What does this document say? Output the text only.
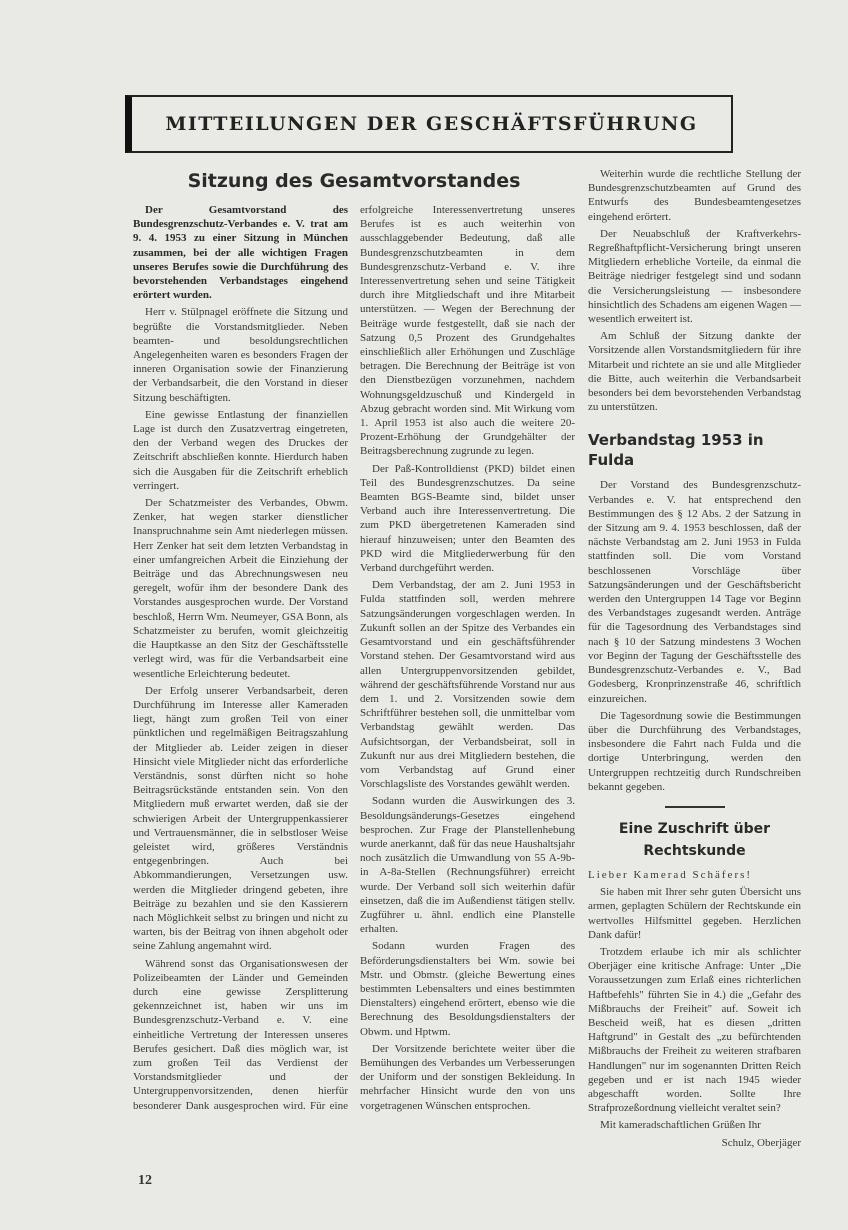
MITTEILUNGEN DER GESCHÄFTSFÜHRUNG
Sitzung des Gesamtvorstandes

Der Gesamtvorstand des Bundesgrenzschutz-Verbandes e. V. trat am 9. 4. 1953 zu einer Sitzung in München zusammen, bei der alle wichtigen Fragen unseres Berufes sowie die Durchführung des bevorstehenden Verbandstages eingehend erörtert wurden.

Herr v. Stülpnagel eröffnete die Sitzung und begrüßte die Vorstandsmitglieder. Neben beamten- und besoldungsrechtlichen Angelegenheiten waren es besonders Fragen der inneren Organisation sowie der Finanzierung der Verbandsarbeit, die den Vorstand in dieser Sitzung beschäftigten.

Eine gewisse Entlastung der finanziellen Lage ist durch den Zusatzvertrag eingetreten, den der Verband wegen des Druckes der Zeitschrift abschließen konnte. Hierdurch haben sich die Ausgaben für die Zeitschrift erheblich verringert.

Der Schatzmeister des Verbandes, Obwm. Zenker, hat wegen starker dienstlicher Inanspruchnahme sein Amt niederlegen müssen. Herr Zenker hat seit dem letzten Verbandstag in einer umfangreichen Arbeit die Einziehung der Beiträge und das Abrechnungswesen neu geregelt, wofür ihm der besondere Dank des Vorstandes ausgesprochen wurde. Der Vorstand beschloß, Herrn Wm. Neumeyer, GSA Bonn, als Schatzmeister zu berufen, womit gleichzeitig die Hauptkasse an den Sitz der Geschäftsstelle verlegt wird, was für die Verbandsarbeit eine wesentliche Erleichterung bedeutet.

Der Erfolg unserer Verbandsarbeit, deren Durchführung im Interesse aller Kameraden liegt, hängt zum großen Teil von einer pünktlichen und regelmäßigen Beitragszahlung der Mitglieder ab. Leider zeigen in dieser Hinsicht viele Mitglieder nicht das erforderliche Verständnis, sonst dürften nicht so hohe Beitragsrückstände entstanden sein. Von den Mitgliedern muß erwartet werden, daß sie der schwierigen Arbeit der Untergruppenkassierer und Vertrauensmänner, die in selbstloser Weise geleistet wird, größeres Verständnis entgegenbringen. Auch bei Abkommandierungen, Versetzungen usw. werden die Mitglieder dringend gebeten, ihre Beiträge zu bezahlen und sie den Kassierern nach Möglichkeit selbst zu bringen und nicht zu warten, bis der Beitrag von ihnen abgeholt oder seine Zahlung angemahnt wird.

Während sonst das Organisationswesen der Polizeibeamten der Länder und Gemeinden durch eine gewisse Zersplitterung gekennzeichnet ist, haben wir uns im Bundesgrenzschutz-Verband e. V. eine einheitliche Vertretung der Interessen unseres Berufes gesichert. Daß dies möglich war, ist zum großen Teil das Verdienst der Vorstandsmitglieder und der Untergruppenvorsitzenden, denen hierfür besonderer Dank ausgesprochen wird. Für eine erfolgreiche Interessenvertretung unseres Berufes ist es auch weiterhin von ausschlaggebender Bedeutung, daß alle Bundesgrenzschutzbeamten in dem Bundesgrenzschutz-Verband e. V. ihre Interessenvertretung sehen und seine Tätigkeit durch ihre Mitgliedschaft und ihre Mitarbeit unterstützen. — Wegen der Berechnung der Beiträge wurde festgestellt, daß sie nach der Satzung 0,5 Prozent des Grundgehaltes einschließlich aller Erhöhungen und Zuschläge betragen. Die Berechnung der Beiträge ist von den Dienstbezügen vorzunehmen, nachdem Wohnungsgeldzuschuß und Kindergeld in Abzug gebracht worden sind. Mit Wirkung vom 1. April 1953 ist also auch die weitere 20-Prozent-Erhöhung der Grundgehälter der Beitragsberechnung zugrunde zu legen.

Der Paß-Kontrolldienst (PKD) bildet einen Teil des Bundesgrenzschutzes. Da seine Beamten BGS-Beamte sind, bildet unser Verband auch ihre Interessenvertretung. Die zum PKD übergetretenen Kameraden sind hierauf hinzuweisen; unter den Beamten des PKD wird die Mitgliederwerbung für den Verband durchgeführt werden.

Dem Verbandstag, der am 2. Juni 1953 in Fulda stattfinden soll, werden mehrere Satzungsänderungen vorgeschlagen werden. In Zukunft sollen an der Spitze des Verbandes ein Gesamtvorstand und ein geschäftsführender Vorstand stehen. Der Gesamtvorstand wird aus allen Untergruppenvorsitzenden gebildet, während der geschäftsführende Vorstand nur aus dem 1. und 2. Vorsitzenden sowie dem Schriftführer bestehen soll, die unmittelbar vom Verbandstag gewählt werden. Das Aufsichtsorgan, der Verbandsbeirat, soll in Zukunft nur aus drei Mitgliedern bestehen, die vom Verbandstag auf Grund einer Vorschlagsliste des Vorstandes gewählt werden.

Sodann wurden die Auswirkungen des 3. Besoldungsänderungs-Gesetzes eingehend besprochen. Zur Frage der Planstellenhebung wurde anerkannt, daß für das neue Haushaltsjahr noch zusätzlich die Umwandlung von 55 A-9b- in A-8a-Stellen (Rechnungsführer) erreicht wurde. Der Verband soll sich weiterhin dafür einsetzen, daß die im Außendienst tätigen stellv. Zugführer u. ähnl. endlich eine Planstelle erhalten.

Sodann wurden Fragen des Beförderungsdienstalters bei Wm. sowie bei Mstr. und Obmstr. (gleiche Bewertung eines bestimmten Lebensalters und eines bestimmten Dienstalters) eingehend erörtert, ebenso wie die Berechnung des Besoldungsdienstalters der Obwm. und Hptwm.

Der Vorsitzende berichtete weiter über die Bemühungen des Verbandes um Verbesserungen der Uniform und der sonstigen Bekleidung. In mehrfacher Hinsicht wurde den von uns vorgetragenen Wünschen entsprochen.

Weiterhin wurde die rechtliche Stellung der Bundesgrenzschutzbeamten auf Grund des Entwurfs des Bundesbeamtengesetzes eingehend erörtert.

Der Neuabschluß der Kraftverkehrs-Regreßhaftpflicht-Versicherung bringt unseren Mitgliedern erhebliche Vorteile, da einmal die Beiträge niedriger festgelegt sind und sodann die Versicherungsleistung — insbesondere hinsichtlich des Schadens am eigenen Wagen — wesentlich erweitert ist.

Am Schluß der Sitzung dankte der Vorsitzende allen Vorstandsmitgliedern für ihre Mitarbeit und richtete an sie und alle Mitglieder die Bitte, auch weiterhin die Verbandsarbeit besonders bei dem bevorstehenden Verbandstag zu unterstützen.

Verbandstag 1953 in Fulda

Der Vorstand des Bundesgrenzschutz-Verbandes e. V. hat entsprechend den Bestimmungen des § 12 Abs. 2 der Satzung in der Sitzung am 9. 4. 1953 beschlossen, daß der nächste Verbandstag am 2. Juni 1953 in Fulda stattfinden soll. Die vom Vorstand beschlossenen Vorschläge über Satzungsänderungen und der Geschäftsbericht werden den Untergruppen 14 Tage vor Beginn des Verbandstages zugesandt werden. Anträge für die Tagesordnung des Verbandstages sind nach § 10 der Satzung mindestens 3 Wochen vor Beginn der Tagung der Geschäftsstelle des Bundesgrenzschutz-Verbandes e. V., Bad Godesberg, Kronprinzenstraße 46, schriftlich einzureichen.

Die Tagesordnung sowie die Bestimmungen über die Durchführung des Verbandstages, insbesondere die Fahrt nach Fulda und die dortige Unterbringung, werden den Untergruppen rechtzeitig durch Rundschreiben bekannt gegeben.

Eine Zuschrift über
Rechtskunde
Lieber Kamerad Schäfers!

Sie haben mit Ihrer sehr guten Übersicht uns armen, geplagten Schülern der Rechtskunde ein wertvolles Hilfsmittel gegeben. Herzlichen Dank dafür!

Trotzdem erlaube ich mir als schlichter Oberjäger eine kritische Anfrage: Unter „Die Voraussetzungen zum Erlaß eines richterlichen Haftbefehls" führten Sie in 4.) die „Gefahr des Mißbrauchs der Freiheit" auf. Soweit ich Bescheid weiß, hat es diesen „dritten Haftgrund" in Gestalt des „zu befürchtenden Mißbrauchs der Freiheit zu weiteren strafbaren Handlungen" nur im sogenannten Dritten Reich gegeben und er ist nach 1945 wieder abgeschafft worden. Sollte Ihre Strafprozeßordnung vielleicht veraltet sein?

Mit kameradschaftlichen Grüßen Ihr

Schulz, Oberjäger
12
